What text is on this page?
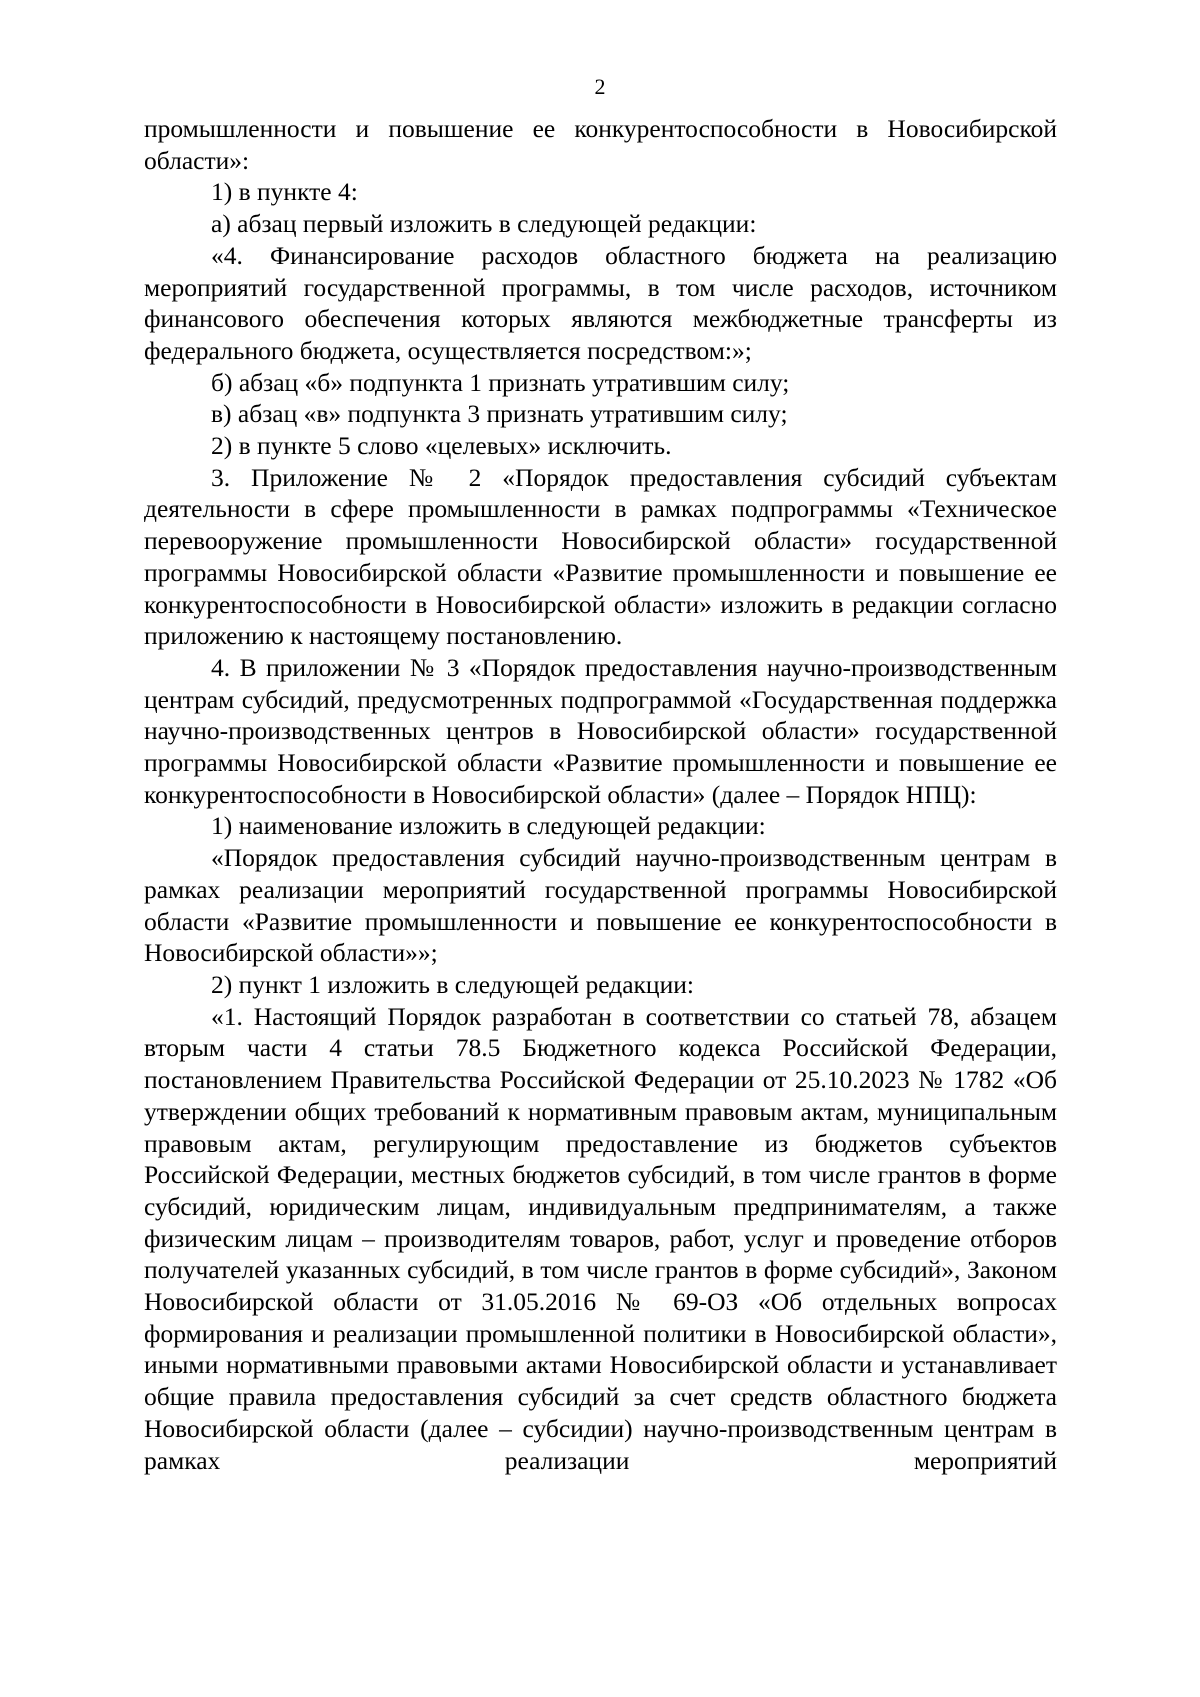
2

промышленности и повышение ее конкурентоспособности в Новосибирской области»:

1) в пункте 4:

а) абзац первый изложить в следующей редакции:

«4. Финансирование расходов областного бюджета на реализацию мероприятий государственной программы, в том числе расходов, источником финансового обеспечения которых являются межбюджетные трансферты из федерального бюджета, осуществляется посредством:»;

б) абзац «б» подпункта 1 признать утратившим силу;

в) абзац «в» подпункта 3 признать утратившим силу;

2) в пункте 5 слово «целевых» исключить.

3. Приложение № 2 «Порядок предоставления субсидий субъектам деятельности в сфере промышленности в рамках подпрограммы «Техническое перевооружение промышленности Новосибирской области» государственной программы Новосибирской области «Развитие промышленности и повышение ее конкурентоспособности в Новосибирской области» изложить в редакции согласно приложению к настоящему постановлению.

4. В приложении № 3 «Порядок предоставления научно-производственным центрам субсидий, предусмотренных подпрограммой «Государственная поддержка научно-производственных центров в Новосибирской области» государственной программы Новосибирской области «Развитие промышленности и повышение ее конкурентоспособности в Новосибирской области» (далее – Порядок НПЦ):

1) наименование изложить в следующей редакции:

«Порядок предоставления субсидий научно-производственным центрам в рамках реализации мероприятий государственной программы Новосибирской области «Развитие промышленности и повышение ее конкурентоспособности в Новосибирской области»»;

2) пункт 1 изложить в следующей редакции:

«1. Настоящий Порядок разработан в соответствии со статьей 78, абзацем вторым части 4 статьи 78.5 Бюджетного кодекса Российской Федерации, постановлением Правительства Российской Федерации от 25.10.2023 № 1782 «Об утверждении общих требований к нормативным правовым актам, муниципальным правовым актам, регулирующим предоставление из бюджетов субъектов Российской Федерации, местных бюджетов субсидий, в том числе грантов в форме субсидий, юридическим лицам, индивидуальным предпринимателям, а также физическим лицам – производителям товаров, работ, услуг и проведение отборов получателей указанных субсидий, в том числе грантов в форме субсидий», Законом Новосибирской области от 31.05.2016 № 69-ОЗ «Об отдельных вопросах формирования и реализации промышленной политики в Новосибирской области», иными нормативными правовыми актами Новосибирской области и устанавливает общие правила предоставления субсидий за счет средств областного бюджета Новосибирской области (далее – субсидии) научно-производственным центрам в рамках реализации мероприятий
